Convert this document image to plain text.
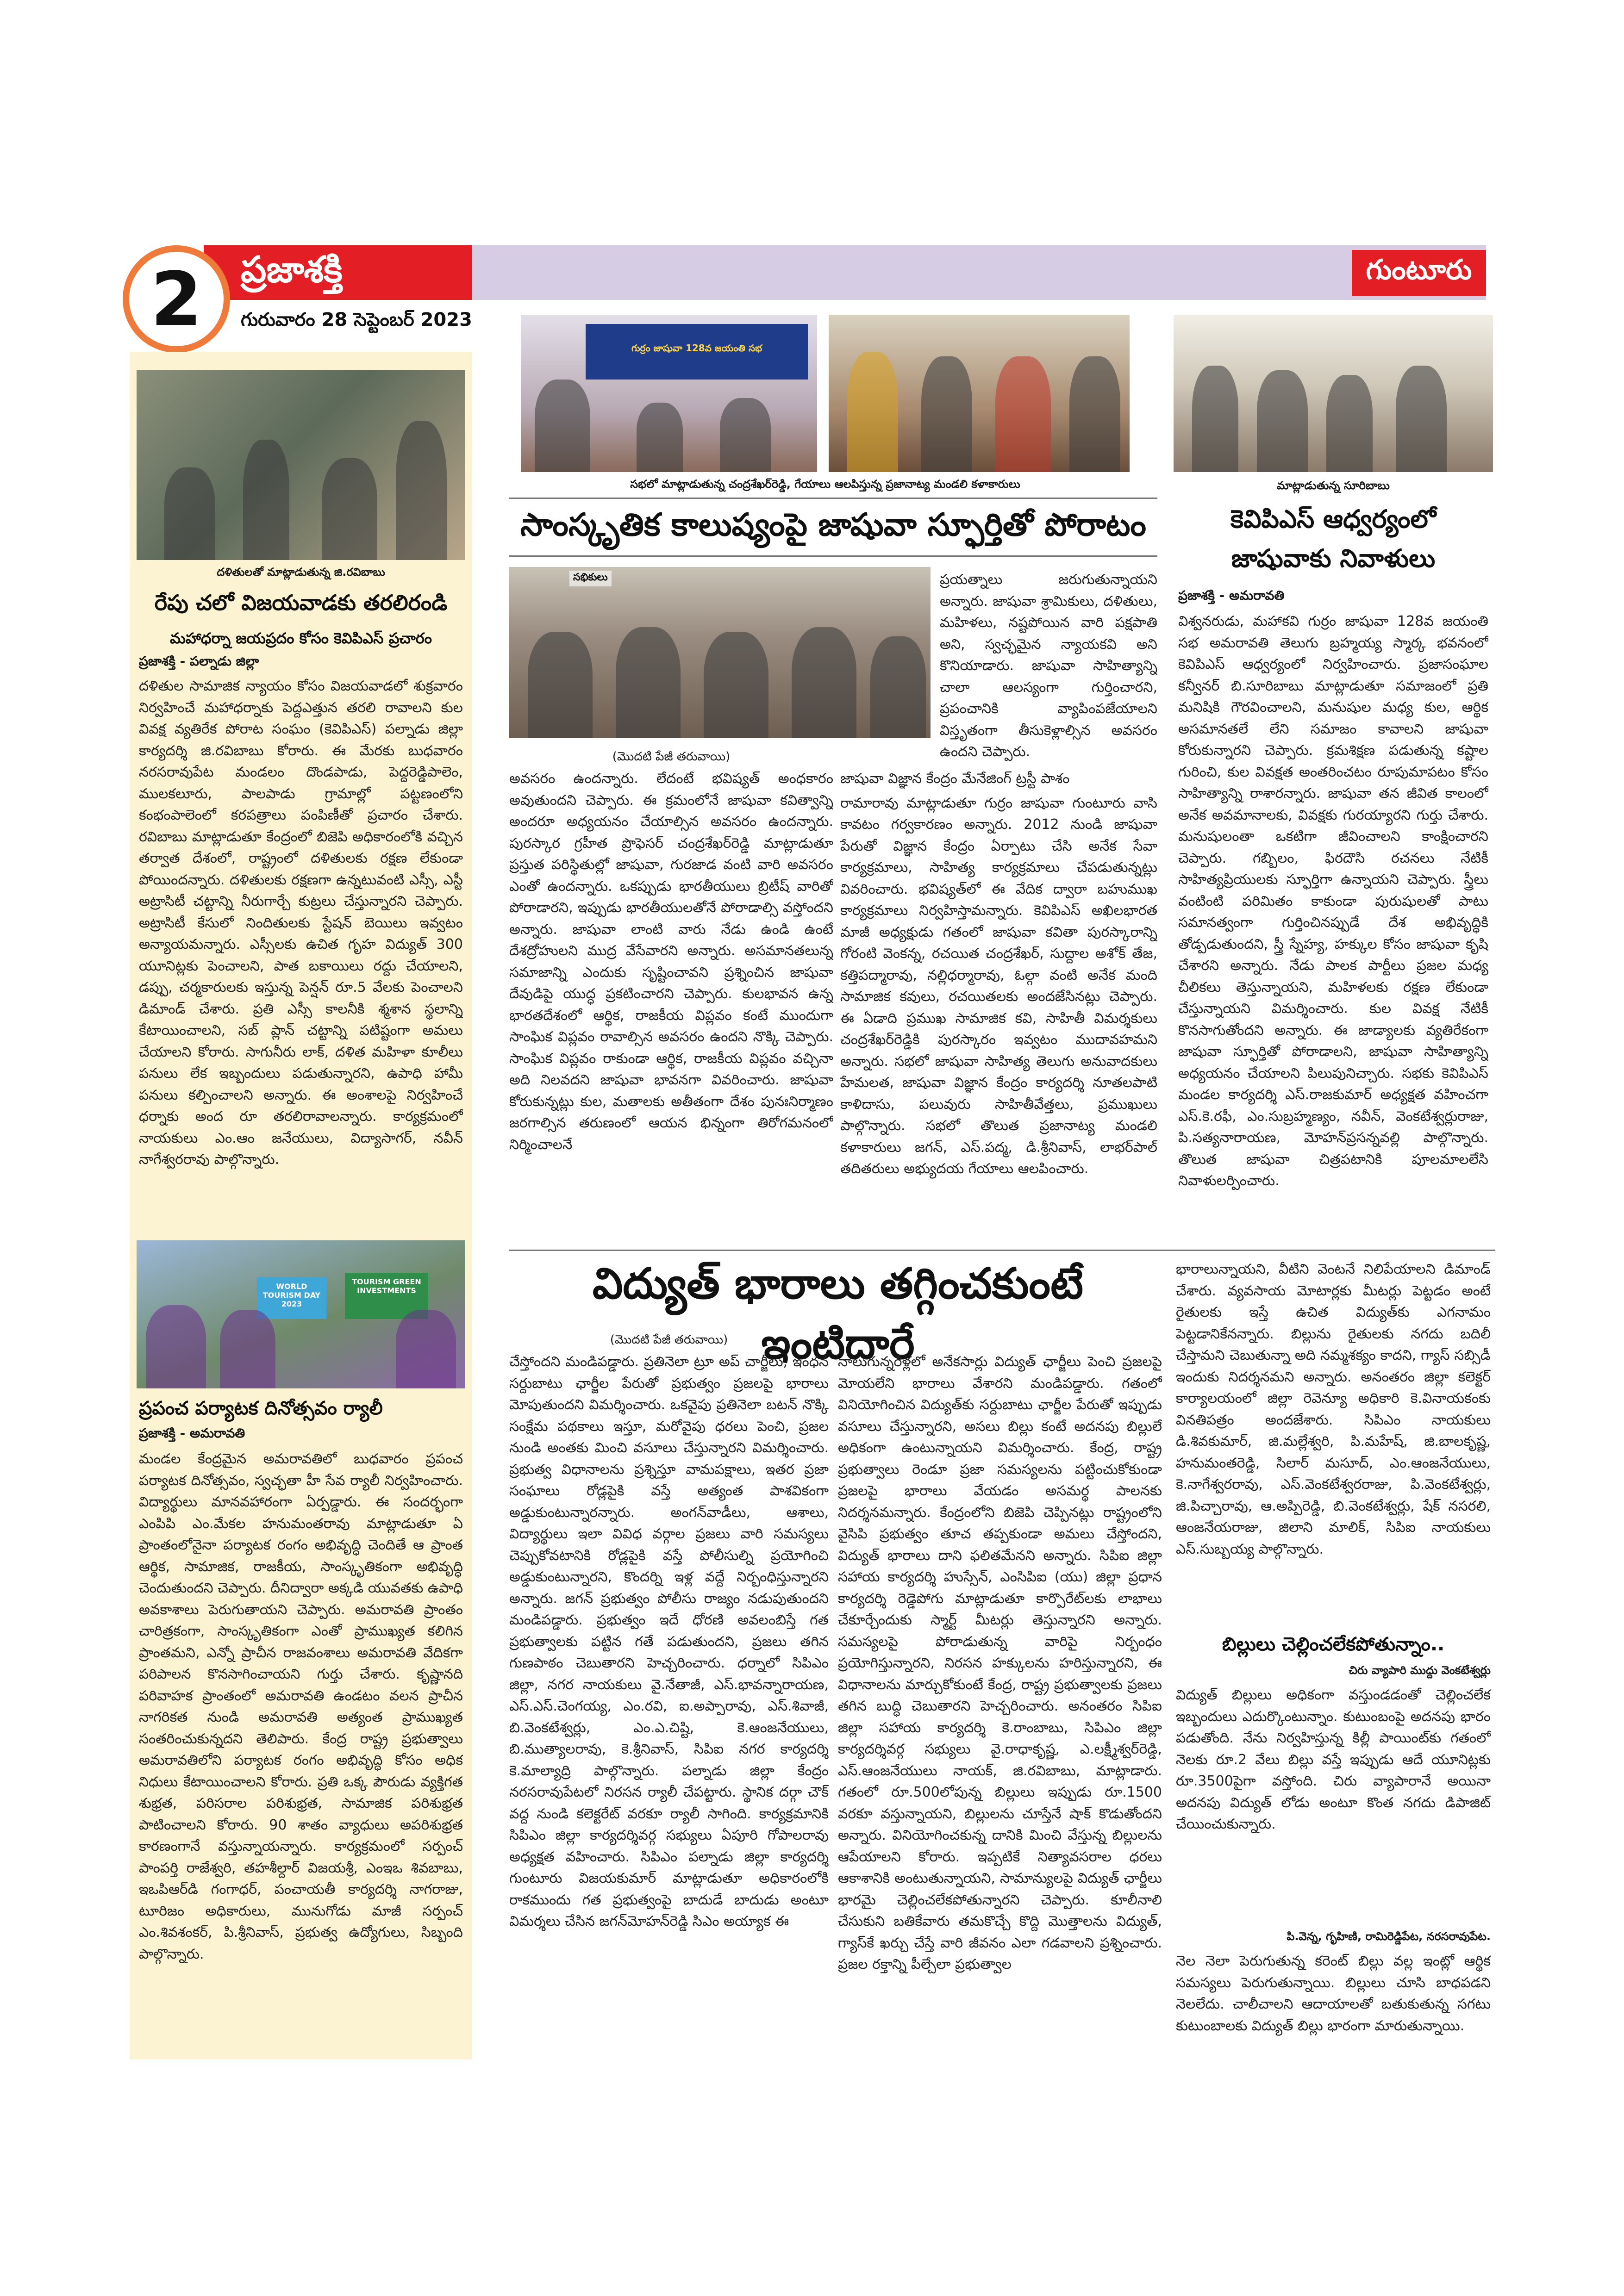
ప్రజాశక్తి
2 గురువారం 28 సెప్టెంబర్ 2023
గుంటూరు
దళితులతో మాట్లాడుతున్న జి.రవిబాబు
రేపు చలో విజయవాడకు తరలిరండి
మహాధర్నా జయప్రదం కోసం కెవిపిఎస్ ప్రచారం
ప్రజాశక్తి - పల్నాడు జిల్లా

దళితుల సామాజిక న్యాయం కోసం విజయవాడలో శుక్రవారం నిర్వహించే మహాధర్నాకు పెద్దఎత్తున తరలి రావాలని కుల వివక్ష వ్యతిరేక పోరాట సంఘం (కెవిపిఎస్) పల్నాడు జిల్లా కార్యదర్శి జి.రవిబాబు కోరారు. ఈ మేరకు బుధవారం నరసరావుపేట మండలం దొండపాడు, పెద్దరెడ్డిపాలెం, ములకలూరు, పాలపాడు గ్రామాల్లో పట్టణంలోని కంభంపాలెంలో కరపత్రాలు పంపిణీతో ప్రచారం చేశారు. రవిబాబు మాట్లాడుతూ కేంద్రంలో బిజెపి అధికారంలోకి వచ్చిన తర్వాత దేశంలో, రాష్ట్రంలో దళితులకు రక్షణ లేకుండా పోయిందన్నారు. దళితులకు రక్షణగా ఉన్నటువంటి ఎస్సీ, ఎస్టీ అట్రాసిటీ చట్టాన్ని నీరుగార్చే కుట్రలు చేస్తున్నారని చెప్పారు. అట్రాసిటీ కేసులో నిందితులకు స్టేషన్ బెయిలు ఇవ్వటం అన్యాయమన్నారు. ఎస్సీలకు ఉచిత గృహ విద్యుత్ 300 యూనిట్లకు పెంచాలని, పాత బకాయిలు రద్దు చేయాలని, డప్పు, చర్మకారులకు ఇస్తున్న పెన్షన్ రూ.5 వేలకు పెంచాలని డిమాండ్ చేశారు. ప్రతి ఎస్సీ కాలనీకి శ్మశాన స్థలాన్ని కేటాయించాలని, సబ్ ప్లాన్ చట్టాన్ని పటిష్టంగా అమలు చేయాలని కోరారు. సాగునీరు లాక్, దళిత మహిళా కూలీలు పనులు లేక ఇబ్బందులు పడుతున్నారని, ఉపాధి హామీ పనులు కల్పించాలని అన్నారు. ఈ అంశాలపై నిర్వహించే ధర్నాకు అంద రూ తరలిరావాలన్నారు. కార్యక్రమంలో నాయకులు ఎం.ఆం జనేయులు, విద్యాసాగర్, నవీన్ నాగేశ్వరరావు పాల్గొన్నారు.

WORLD TOURISM DAY 2023
TOURISM GREEN INVESTMENTS
ప్రపంచ పర్యాటక దినోత్సవం ర్యాలీ
ప్రజాశక్తి - అమరావతి

మండల కేంద్రమైన అమరావతిలో బుధవారం ప్రపంచ పర్యాటక దినోత్సవం, స్వచ్ఛతా హీ సేవ ర్యాలీ నిర్వహించారు. విద్యార్థులు మానవహారంగా ఏర్పడ్డారు. ఈ సందర్భంగా ఎంపిపి ఎం.మేకల హనుమంతరావు మాట్లాడుతూ ఏ ప్రాంతంలోనైనా పర్యాటక రంగం అభివృద్ధి చెందితే ఆ ప్రాంత ఆర్థిక, సామాజిక, రాజకీయ, సాంస్కృతికంగా అభివృద్ధి చెందుతుందని చెప్పారు. దీనిద్వారా అక్కడి యువతకు ఉపాధి అవకాశాలు పెరుగుతాయని చెప్పారు. అమరావతి ప్రాంతం చారిత్రకంగా, సాంస్కృతికంగా ఎంతో ప్రాముఖ్యత కలిగిన ప్రాంతమని, ఎన్నో ప్రాచీన రాజవంశాలు అమరావతి వేదికగా పరిపాలన కొనసాగించాయని గుర్తు చేశారు. కృష్ణానది పరివాహక ప్రాంతంలో అమరావతి ఉండటం వలన ప్రాచీన నాగరికత నుండి అమరావతి అత్యంత ప్రాముఖ్యత సంతరించుకున్నదని తెలిపారు. కేంద్ర రాష్ట్ర ప్రభుత్వాలు అమరావతిలోని పర్యాటక రంగం అభివృద్ధి కోసం అధిక నిధులు కేటాయించాలని కోరారు. ప్రతి ఒక్క పౌరుడు వ్యక్తిగత శుభ్రత, పరిసరాల పరిశుభ్రత, సామాజిక పరిశుభ్రత పాటించాలని కోరారు. 90 శాతం వ్యాధులు అపరిశుభ్రత కారణంగానే వస్తున్నాయన్నారు. కార్యక్రమంలో సర్పంచ్ పాంపర్తి రాజేశ్వరి, తహశీల్దార్ విజయశ్రీ, ఎంఇఒ శివబాబు, ఇఒపిఆర్‌డి గంగాధర్, పంచాయతీ కార్యదర్శి నాగరాజు, టూరిజం అధికారులు, మునుగోడు మాజీ సర్పంచ్ ఎం.శివశంకర్, పి.శ్రీనివాస్, ప్రభుత్వ ఉద్యోగులు, సిబ్బంది పాల్గొన్నారు.

గుర్రం జాషువా 128వ జయంతి సభ
సభలో మాట్లాడుతున్న చంద్రశేఖర్‌రెడ్డి, గేయాలు ఆలపిస్తున్న ప్రజానాట్య మండలి కళాకారులు
సాంస్కృతిక కాలుష్యంపై జాషువా స్ఫూర్తితో పోరాటం
సభికులు	ప్రయత్నాలు జరుగుతున్నాయని అన్నారు. జాషువా శ్రామికులు, దళితులు, మహిళలు, నష్టపోయిన వారి పక్షపాతి అని, స్వచ్ఛమైన న్యాయకవి అని కొనియాడారు. జాషువా సాహిత్యాన్ని చాలా ఆలస్యంగా గుర్తించారని, ప్రపంచానికి వ్యాపింపజేయాలని విస్తృతంగా తీసుకెళ్లాల్సిన అవసరం ఉందని చెప్పారు.

(మొదటి పేజీ తరువాయి)

అవసరం ఉందన్నారు. లేదంటే భవిష్యత్ అంధకారం అవుతుందని చెప్పారు. ఈ క్రమంలోనే జాషువా కవిత్వాన్ని అందరూ అధ్యయనం చేయాల్సిన అవసరం ఉందన్నారు. పురస్కార గ్రహీత ప్రొఫెసర్ చంద్రశేఖర్‌రెడ్డి మాట్లాడుతూ ప్రస్తుత పరిస్థితుల్లో జాషువా, గురజాడ వంటి వారి అవసరం ఎంతో ఉందన్నారు. ఒకప్పుడు భారతీయులు బ్రిటీష్ వారితో పోరాడారని, ఇప్పుడు భారతీయులతోనే పోరాడాల్సి వస్తోందని అన్నారు. జాషువా లాంటి వారు నేడు ఉండి ఉంటే దేశద్రోహులని ముద్ర వేసేవారని అన్నారు. అసమానతలున్న సమాజాన్ని ఎందుకు సృష్టించావని ప్రశ్నించిన జాషువా దేవుడిపై యుద్ధ ప్రకటించారని చెప్పారు. కులభావన ఉన్న భారతదేశంలో ఆర్థిక, రాజకీయ విప్లవం కంటే ముందుగా సాంఘిక విప్లవం రావాల్సిన అవసరం ఉందని నొక్కి చెప్పారు. సాంఘిక విప్లవం రాకుండా ఆర్థిక, రాజకీయ విప్లవం వచ్చినా అది నిలవదని జాషువా భావనగా వివరించారు. జాషువా కోరుకున్నట్లు కుల, మతాలకు అతీతంగా దేశం పునఃనిర్మాణం జరగాల్సిన తరుణంలో ఆయన భిన్నంగా తిరోగమనంలో నిర్మించాలనే

జాషువా విజ్ఞాన కేంద్రం మేనేజింగ్ ట్రస్టీ పాశం

రామారావు మాట్లాడుతూ గుర్రం జాషువా గుంటూరు వాసి కావటం గర్వకారణం అన్నారు. 2012 నుండి జాషువా పేరుతో విజ్ఞాన కేంద్రం ఏర్పాటు చేసి అనేక సేవా కార్యక్రమాలు, సాహిత్య కార్యక్రమాలు చేపడుతున్నట్లు వివరించారు. భవిష్యత్‌లో ఈ వేదిక ద్వారా బహుముఖ కార్యక్రమాలు నిర్వహిస్తామన్నారు. కెవిపిఎస్ అఖిలభారత మాజీ అధ్యక్షుడు గతంలో జాషువా కవితా పురస్కారాన్ని గోరంటి వెంకన్న, రచయిత చంద్రశేఖర్, సుద్దాల అశోక్ తేజ, కత్తిపద్మారావు, నల్లిధర్మారావు, ఓల్గా వంటి అనేక మంది సామాజిక కవులు, రచయితలకు అందజేసినట్లు చెప్పారు. ఈ ఏడాది ప్రముఖ సామాజిక కవి, సాహితీ విమర్శకులు చంద్రశేఖర్‌రెడ్డికి పురస్కారం ఇవ్వటం ముదావహమని అన్నారు. సభలో జాషువా సాహిత్య తెలుగు అనువాదకులు హేమలత, జాషువా విజ్ఞాన కేంద్రం కార్యదర్శి నూతలపాటి కాళిదాసు, పలువురు సాహితీవేత్తలు, ప్రముఖులు పాల్గొన్నారు. సభలో తొలుత ప్రజానాట్య మండలి కళాకారులు జగన్, ఎస్.పద్మ, డి.శ్రీనివాస్, లాభర్‌పాల్ తదితరులు అభ్యుదయ గేయాలు ఆలపించారు.

మాట్లాడుతున్న సూరిబాబు
కెవిపిఎస్ ఆధ్వర్యంలో
జాషువాకు నివాళులు
ప్రజాశక్తి - అమరావతి

విశ్వనరుడు, మహాకవి గుర్రం జాషువా 128వ జయంతి సభ అమరావతి తెలుగు బ్రహ్మయ్య స్మార్క భవనంలో కెవిపిఎస్ ఆధ్వర్యంలో నిర్వహించారు. ప్రజాసంఘాల కన్వీనర్ బి.సూరిబాబు మాట్లాడుతూ సమాజంలో ప్రతి మనిషికి గౌరవించాలని, మనుషుల మధ్య కుల, ఆర్థిక అసమానతలే లేని సమాజం కావాలని జాషువా కోరుకున్నారని చెప్పారు. క్రమశిక్షణ పడుతున్న కష్టాల గురించి, కుల వివక్షత అంతరించటం రూపుమాపటం కోసం సాహిత్యాన్ని రాశారన్నారు. జాషువా తన జీవిత కాలంలో అనేక అవమానాలకు, వివక్షకు గురయ్యారని గుర్తు చేశారు. మనుషులంతా ఒకటిగా జీవించాలని కాంక్షించారని చెప్పారు. గబ్బిలం, ఫిరదౌసి రచనలు నేటికీ సాహిత్యప్రియులకు స్ఫూర్తిగా ఉన్నాయని చెప్పారు. స్త్రీలు వంటింటి పరిమితం కాకుండా పురుషులతో పాటు సమానత్వంగా గుర్తించినప్పుడే దేశ అభివృద్ధికి తోడ్పడుతుందని, స్త్రీ స్నేహ్య, హక్కుల కోసం జాషువా కృషి చేశారని అన్నారు. నేడు పాలక పార్టీలు ప్రజల మధ్య చీలికలు తెస్తున్నాయని, మహిళలకు రక్షణ లేకుండా చేస్తున్నాయని విమర్శించారు. కుల వివక్ష నేటికీ కొనసాగుతోందని అన్నారు. ఈ జాడ్యాలకు వ్యతిరేకంగా జాషువా స్ఫూర్తితో పోరాడాలని, జాషువా సాహిత్యాన్ని అధ్యయనం చేయాలని పిలుపునిచ్చారు. సభకు కెవిపిఎస్ మండల కార్యదర్శి ఎస్.రాజకుమార్ అధ్యక్షత వహించగా ఎస్.కె.రఫీ, ఎం.సుబ్రహ్మణ్యం, నవీన్, వెంకటేశ్వర్లురాజు, పి.సత్యనారాయణ, మోహన్‌ప్రసన్నవల్లి పాల్గొన్నారు. తొలుత జాషువా చిత్రపటానికి పూలమాలలేసి నివాళులర్పించారు.

విద్యుత్ భారాలు తగ్గించకుంటే ఇంటిదారే
(మొదటి పేజీ తరువాయి)

చేస్తోందని మండిపడ్డారు. ప్రతినెలా ట్రూ అప్ చార్జీలు, ఇంధన సర్దుబాటు ఛార్జీల పేరుతో ప్రభుత్వం ప్రజలపై భారాలు మోపుతుందని విమర్శించారు. ఒకవైపు ప్రతినెలా బటన్ నొక్కి సంక్షేమ పథకాలు ఇస్తూ, మరోవైపు ధరలు పెంచి, ప్రజల నుండి అంతకు మించి వసూలు చేస్తున్నారని విమర్శించారు. ప్రభుత్వ విధానాలను ప్రశ్నిస్తూ వామపక్షాలు, ఇతర ప్రజా సంఘాలు రోడ్లపైకి వస్తే అత్యంత పాశవికంగా అడ్డుకుంటున్నారన్నారు. అంగన్‌వాడీలు, ఆశాలు, విద్యార్థులు ఇలా వివిధ వర్గాల ప్రజలు వారి సమస్యలు చెప్పుకోవటానికి రోడ్లపైకి వస్తే పోలీసుల్ని ప్రయోగించి అడ్డుకుంటున్నారని, కొందర్ని ఇళ్ల వద్దే నిర్బంధిస్తున్నారని అన్నారు. జగన్ ప్రభుత్వం పోలీసు రాజ్యం నడుపుతుందని మండిపడ్డారు. ప్రభుత్వం ఇదే ధోరణి అవలంబిస్తే గత ప్రభుత్వాలకు పట్టిన గతే పడుతుందని, ప్రజలు తగిన గుణపాఠం చెబుతారని హెచ్చరించారు. ధర్నాలో సిపిఎం జిల్లా, నగర నాయకులు వై.నేతాజీ, ఎస్.భావన్నారాయణ, ఎస్.ఎస్.చెంగయ్య, ఎం.రవి, ఐ.అప్పారావు, ఎస్.శివాజీ, బి.వెంకటేశ్వర్లు, ఎం.ఎ.చిష్టి, కె.ఆంజనేయులు, బి.ముత్యాలరావు, కె.శ్రీనివాస్, సిపిఐ నగర కార్యదర్శి కె.మాల్యాద్రి పాల్గొన్నారు. పల్నాడు జిల్లా కేంద్రం నరసరావుపేటలో నిరసన ర్యాలీ చేపట్టారు. స్థానిక దర్గా చౌక్ వద్ద నుండి కలెక్టరేట్ వరకూ ర్యాలీ సాగింది. కార్యక్రమానికి సిపిఎం జిల్లా కార్యదర్శివర్గ సభ్యులు ఏపూరి గోపాలరావు అధ్యక్షత వహించారు. సిపిఎం పల్నాడు జిల్లా కార్యదర్శి గుంటూరు విజయకుమార్ మాట్లాడుతూ అధికారంలోకి రాకముందు గత ప్రభుత్వంపై బాదుడే బాదుడు అంటూ విమర్శలు చేసిన జగన్‌మోహన్‌రెడ్డి సిఎం అయ్యాక ఈ

నాలుగున్నరేళ్లలో అనేకసార్లు విద్యుత్ ఛార్జీలు పెంచి ప్రజలపై మోయలేని భారాలు వేశారని మండిపడ్డారు. గతంలో వినియోగించిన విద్యుత్‌కు సర్దుబాటు ఛార్జీల పేరుతో ఇప్పుడు వసూలు చేస్తున్నారని, అసలు బిల్లు కంటే అదనపు బిల్లులే అధికంగా ఉంటున్నాయని విమర్శించారు. కేంద్ర, రాష్ట్ర ప్రభుత్వాలు రెండూ ప్రజా సమస్యలను పట్టించుకోకుండా ప్రజలపై భారాలు వేయడం అసమర్థ పాలనకు నిదర్శనమన్నారు. కేంద్రంలోని బిజెపి చెప్పినట్లు రాష్ట్రంలోని వైసిపి ప్రభుత్వం తూచ తప్పకుండా అమలు చేస్తోందని, విద్యుత్ భారాలు దాని ఫలితమేనని అన్నారు. సిపిఐ జిల్లా సహాయ కార్యదర్శి హుస్సేన్, ఎంసిపిఐ (యు) జిల్లా ప్రధాన కార్యదర్శి రెడ్డెపోగు మాట్లాడుతూ కార్పొరేట్‌లకు లాభాలు చేకూర్చేందుకు స్మార్ట్ మీటర్లు తెస్తున్నారని అన్నారు. సమస్యలపై పోరాడుతున్న వారిపై నిర్బంధం ప్రయోగిస్తున్నారని, నిరసన హక్కులను హరిస్తున్నారని, ఈ విధానాలను మార్చుకోకుంటే కేంద్ర, రాష్ట్ర ప్రభుత్వాలకు ప్రజలు తగిన బుద్ధి చెబుతారని హెచ్చరించారు. అనంతరం సిపిఐ జిల్లా సహాయ కార్యదర్శి కె.రాంబాబు, సిపిఎం జిల్లా కార్యదర్శివర్గ సభ్యులు వై.రాధాకృష్ణ, ఎ.లక్ష్మీశ్వర్‌రెడ్డి, ఎస్.ఆంజనేయులు నాయక్, జి.రవిబాబు, మాట్లాడారు. గతంలో రూ.500లోపున్న బిల్లులు ఇప్పుడు రూ.1500 వరకూ వస్తున్నాయని, బిల్లులను చూస్తేనే షాక్ కొడుతోందని అన్నారు. వినియోగించకున్న దానికి మించి వేస్తున్న బిల్లులను ఆపేయాలని కోరారు. ఇప్పటికే నిత్యావసరాల ధరలు ఆకాశానికి అంటుతున్నాయని, సామాన్యులపై విద్యుత్ ఛార్జీలు భారమై చెల్లించలేకపోతున్నారని చెప్పారు. కూలీనాలి చేసుకుని బతికేవారు తమకొచ్చే కొద్ది మొత్తాలను విద్యుత్, గ్యాస్‌కే ఖర్చు చేస్తే వారి జీవనం ఎలా గడవాలని ప్రశ్నించారు. ప్రజల రక్తాన్ని పీల్చేలా ప్రభుత్వాల

భారాలున్నాయని, వీటిని వెంటనే నిలిపేయాలని డిమాండ్ చేశారు. వ్యవసాయ మోటార్లకు మీటర్లు పెట్టడం అంటే రైతులకు ఇస్తే ఉచిత విద్యుత్‌కు ఎగనామం పెట్టడానికేనన్నారు. బిల్లును రైతులకు నగదు బదిలీ చేస్తామని చెబుతున్నా అది నమ్మశక్యం కాదని, గ్యాస్ సబ్సిడీ ఇందుకు నిదర్శనమని అన్నారు. అనంతరం జిల్లా కలెక్టర్ కార్యాలయంలో జిల్లా రెవెన్యూ అధికారి కె.వినాయకంకు వినతిపత్రం అందజేశారు. సిపిఎం నాయకులు డి.శివకుమార్, జి.మల్లేశ్వరి, పి.మహేష్, జి.బాలకృష్ణ, హనుమంతరెడ్డి, సిలార్ మసూద్, ఎం.ఆంజనేయులు, కె.నాగేశ్వరరావు, ఎస్.వెంకటేశ్వరరాజు, పి.వెంకటేశ్వర్లు, జి.పిచ్చారావు, ఆ.అప్పిరెడ్డి, బి.వెంకటేశ్వర్లు, షేక్ నసరలి, ఆంజనేయరాజు, జిలాని మాలిక్, సిపిఐ నాయకులు ఎస్.సుబ్బయ్య పాల్గొన్నారు.

బిల్లులు చెల్లించలేకపోతున్నాం..
చిరు వ్యాపారి ముద్దు వెంకటేశ్వర్లు

విద్యుత్ బిల్లులు అధికంగా వస్తుండడంతో చెల్లించలేక ఇబ్బందులు ఎదుర్కొంటున్నాం. కుటుంబంపై అదనపు భారం పడుతోంది. నేను నిర్వహిస్తున్న కిల్లీ పాయింట్‌కు గతంలో నెలకు రూ.2 వేలు బిల్లు వస్తే ఇప్పుడు ఆదే యూనిట్లకు రూ.3500పైగా వస్తోంది. చిరు వ్యాపారానే అయినా అదనపు విద్యుత్ లోడు అంటూ కొంత నగదు డిపాజిట్ చేయించుకున్నారు.

పి.వెన్న, గృహిణి, రామిరెడ్డిపేట, నరసరావుపేట.

నెల నెలా పెరుగుతున్న కరెంట్ బిల్లు వల్ల ఇంట్లో ఆర్థిక సమస్యలు పెరుగుతున్నాయి. బిల్లులు చూసి బాధపడని నెలలేదు. చాలీచాలని ఆదాయాలతో బతుకుతున్న సగటు కుటుంబాలకు విద్యుత్ బిల్లు భారంగా మారుతున్నాయి.
